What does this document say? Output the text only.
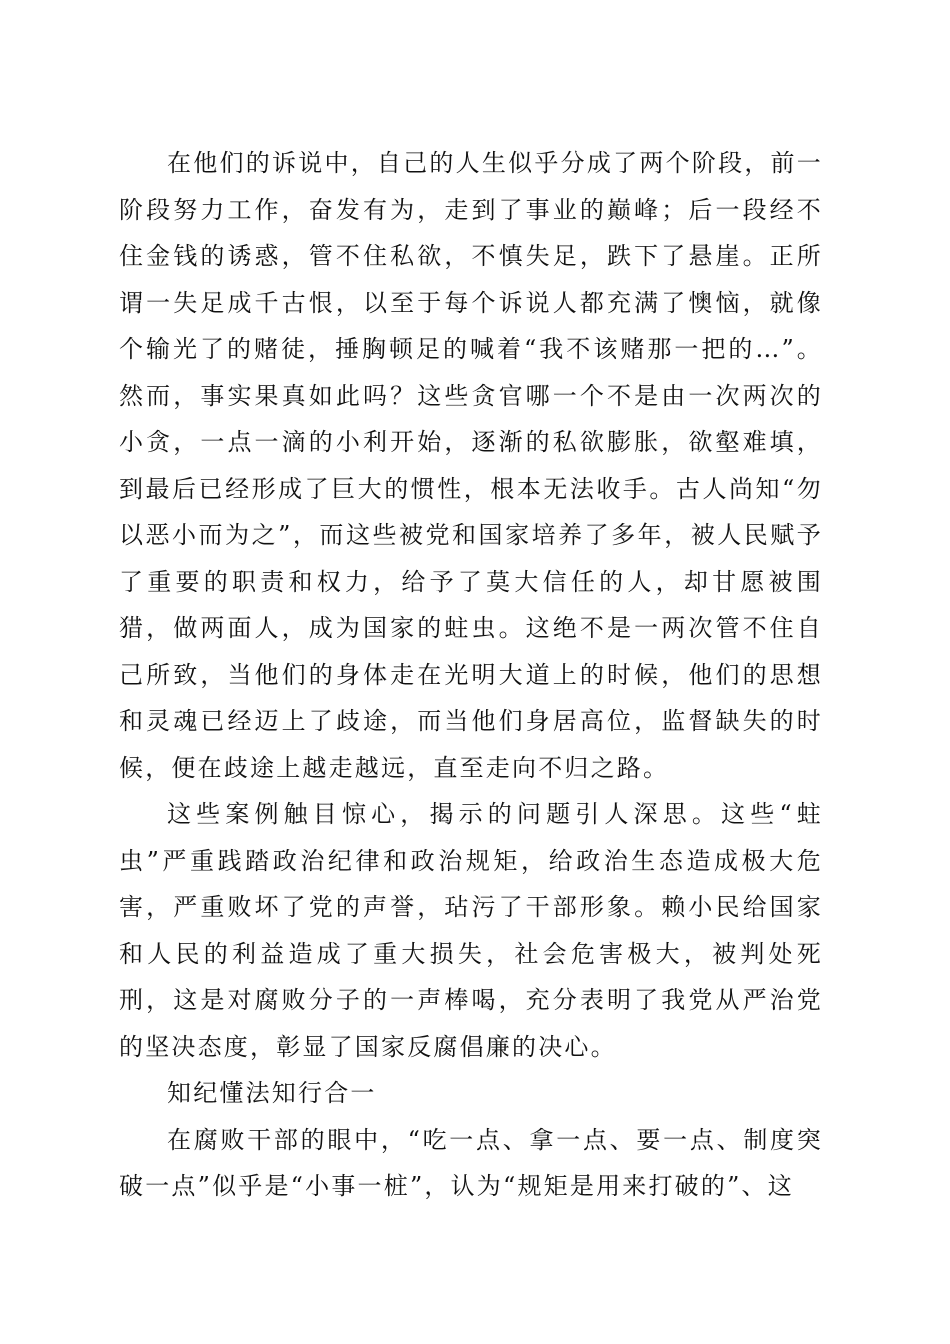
在他们的诉说中，自己的人生似乎分成了两个阶段，前一阶段努力工作，奋发有为，走到了事业的巅峰；后一段经不住金钱的诱惑，管不住私欲，不慎失足，跌下了悬崖。正所谓一失足成千古恨，以至于每个诉说人都充满了懊恼，就像个输光了的赌徒，捶胸顿足的喊着“我不该赌那一把的…”。然而，事实果真如此吗？这些贪官哪一个不是由一次两次的小贪，一点一滴的小利开始，逐渐的私欲膨胀，欲壑难填，到最后已经形成了巨大的惯性，根本无法收手。古人尚知“勿以恶小而为之”，而这些被党和国家培养了多年，被人民赋予了重要的职责和权力，给予了莫大信任的人，却甘愿被围猎，做两面人，成为国家的蛀虫。这绝不是一两次管不住自己所致，当他们的身体走在光明大道上的时候，他们的思想和灵魂已经迈上了歧途，而当他们身居高位，监督缺失的时候，便在歧途上越走越远，直至走向不归之路。

这些案例触目惊心，揭示的问题引人深思。这些“蛀虫”严重践踏政治纪律和政治规矩，给政治生态造成极大危害，严重败坏了党的声誉，玷污了干部形象。赖小民给国家和人民的利益造成了重大损失，社会危害极大，被判处死刑，这是对腐败分子的一声棒喝，充分表明了我党从严治党的坚决态度，彰显了国家反腐倡廉的决心。

知纪懂法知行合一

在腐败干部的眼中，“吃一点、拿一点、要一点、制度突破一点”似乎是“小事一桩”，认为“规矩是用来打破的”、这
